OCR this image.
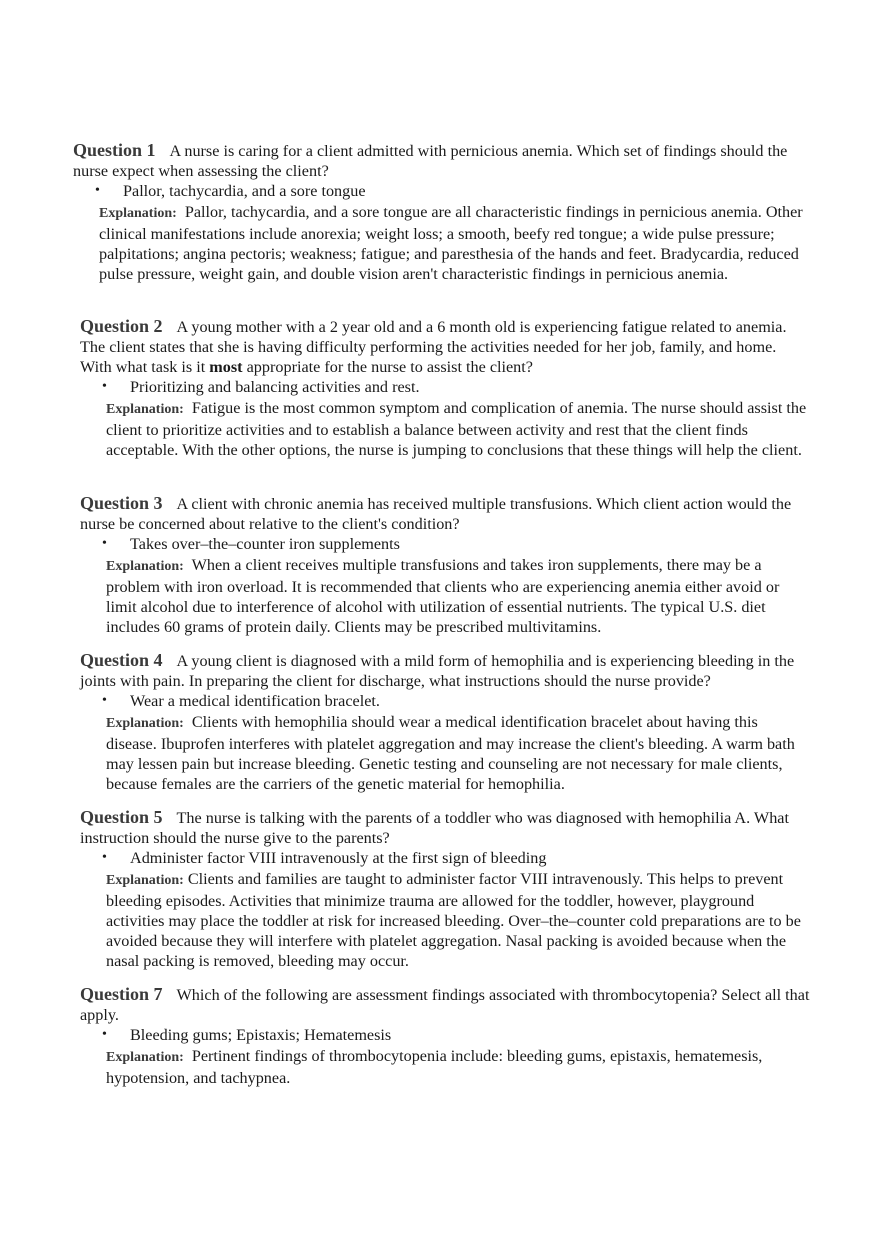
Question 1 A nurse is caring for a client admitted with pernicious anemia. Which set of findings should the nurse expect when assessing the client?

• Pallor, tachycardia, and a sore tongue

Explanation: Pallor, tachycardia, and a sore tongue are all characteristic findings in pernicious anemia. Other clinical manifestations include anorexia; weight loss; a smooth, beefy red tongue; a wide pulse pressure; palpitations; angina pectoris; weakness; fatigue; and paresthesia of the hands and feet. Bradycardia, reduced pulse pressure, weight gain, and double vision aren't characteristic findings in pernicious anemia.

Question 2 A young mother with a 2 year old and a 6 month old is experiencing fatigue related to anemia. The client states that she is having difficulty performing the activities needed for her job, family, and home. With what task is it most appropriate for the nurse to assist the client?

• Prioritizing and balancing activities and rest.

Explanation: Fatigue is the most common symptom and complication of anemia. The nurse should assist the client to prioritize activities and to establish a balance between activity and rest that the client finds acceptable. With the other options, the nurse is jumping to conclusions that these things will help the client.

Question 3 A client with chronic anemia has received multiple transfusions. Which client action would the nurse be concerned about relative to the client's condition?

• Takes over–the–counter iron supplements

Explanation: When a client receives multiple transfusions and takes iron supplements, there may be a problem with iron overload. It is recommended that clients who are experiencing anemia either avoid or limit alcohol due to interference of alcohol with utilization of essential nutrients. The typical U.S. diet includes 60 grams of protein daily. Clients may be prescribed multivitamins.

Question 4 A young client is diagnosed with a mild form of hemophilia and is experiencing bleeding in the joints with pain. In preparing the client for discharge, what instructions should the nurse provide?

• Wear a medical identification bracelet.

Explanation: Clients with hemophilia should wear a medical identification bracelet about having this disease. Ibuprofen interferes with platelet aggregation and may increase the client's bleeding. A warm bath may lessen pain but increase bleeding. Genetic testing and counseling are not necessary for male clients, because females are the carriers of the genetic material for hemophilia.

Question 5 The nurse is talking with the parents of a toddler who was diagnosed with hemophilia A. What instruction should the nurse give to the parents?

• Administer factor VIII intravenously at the first sign of bleeding

Explanation: Clients and families are taught to administer factor VIII intravenously. This helps to prevent bleeding episodes. Activities that minimize trauma are allowed for the toddler, however, playground activities may place the toddler at risk for increased bleeding. Over–the–counter cold preparations are to be avoided because they will interfere with platelet aggregation. Nasal packing is avoided because when the nasal packing is removed, bleeding may occur.

Question 7 Which of the following are assessment findings associated with thrombocytopenia? Select all that apply.

• Bleeding gums; Epistaxis; Hematemesis

Explanation: Pertinent findings of thrombocytopenia include: bleeding gums, epistaxis, hematemesis, hypotension, and tachypnea.
